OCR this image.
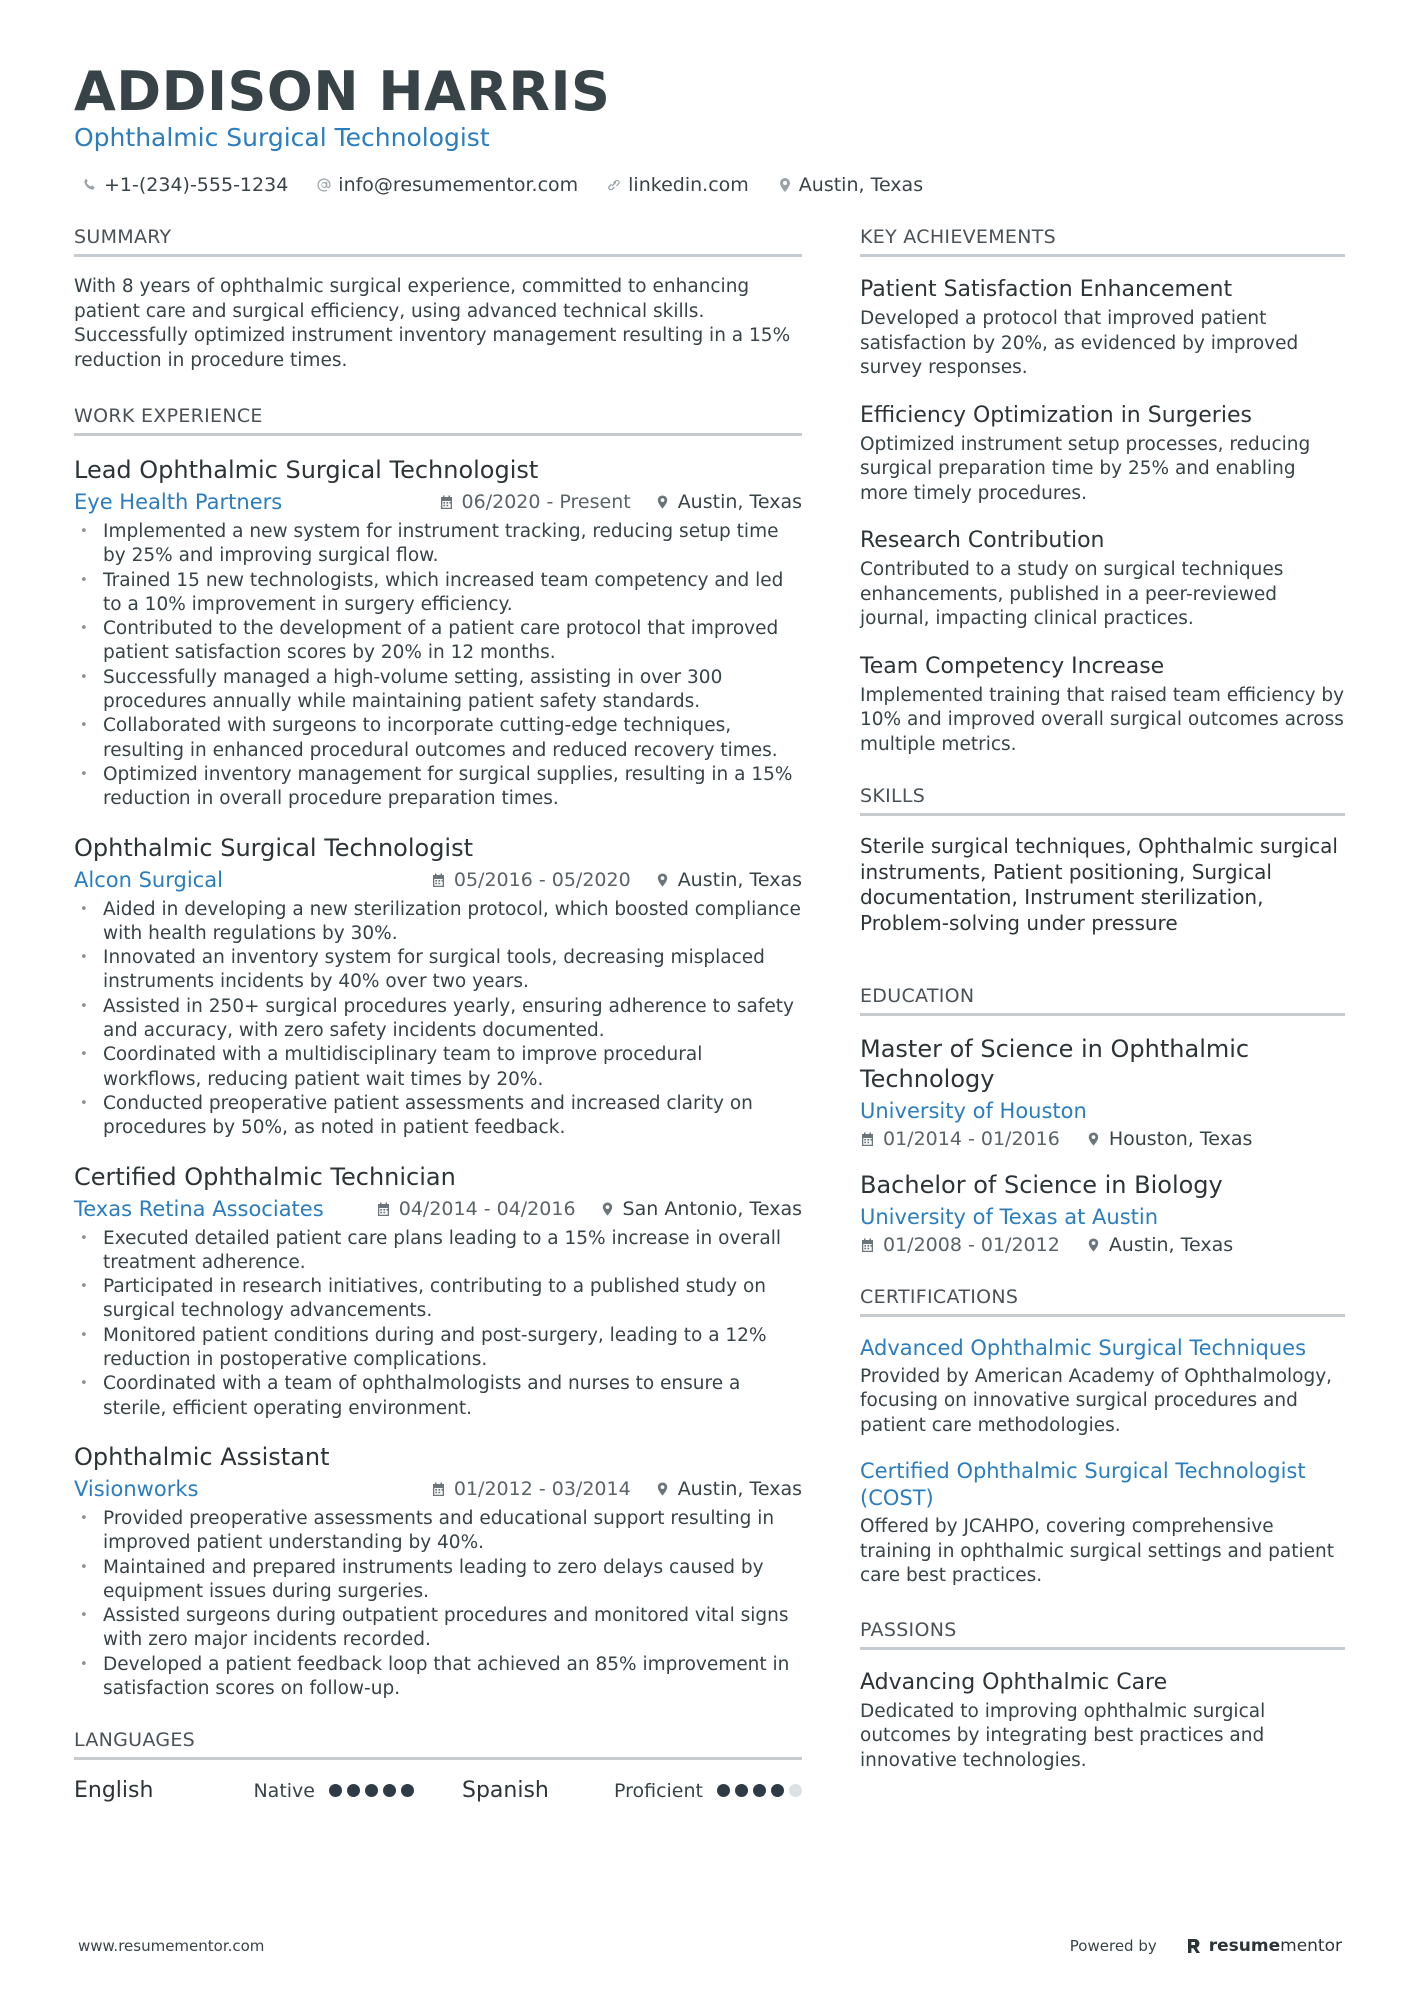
ADDISON HARRIS
Ophthalmic Surgical Technologist
+1-(234)-555-1234	info@resumementor.com	linkedin.com	Austin, Texas
SUMMARY
With 8 years of ophthalmic surgical experience, committed to enhancing patient care and surgical efficiency, using advanced technical skills. Successfully optimized instrument inventory management resulting in a 15% reduction in procedure times.
WORK EXPERIENCE
Lead Ophthalmic Surgical Technologist
Eye Health Partners	06/2020 - Present Austin, Texas
• Implemented a new system for instrument tracking, reducing setup time by 25% and improving surgical flow.
• Trained 15 new technologists, which increased team competency and led to a 10% improvement in surgery efficiency.
• Contributed to the development of a patient care protocol that improved patient satisfaction scores by 20% in 12 months.
• Successfully managed a high-volume setting, assisting in over 300 procedures annually while maintaining patient safety standards.
• Collaborated with surgeons to incorporate cutting-edge techniques, resulting in enhanced procedural outcomes and reduced recovery times.
• Optimized inventory management for surgical supplies, resulting in a 15% reduction in overall procedure preparation times.
Ophthalmic Surgical Technologist
Alcon Surgical	05/2016 - 05/2020 Austin, Texas
• Aided in developing a new sterilization protocol, which boosted compliance with health regulations by 30%.
• Innovated an inventory system for surgical tools, decreasing misplaced instruments incidents by 40% over two years.
• Assisted in 250+ surgical procedures yearly, ensuring adherence to safety and accuracy, with zero safety incidents documented.
• Coordinated with a multidisciplinary team to improve procedural workflows, reducing patient wait times by 20%.
• Conducted preoperative patient assessments and increased clarity on procedures by 50%, as noted in patient feedback.
Certified Ophthalmic Technician
Texas Retina Associates	04/2014 - 04/2016 San Antonio, Texas
• Executed detailed patient care plans leading to a 15% increase in overall treatment adherence.
• Participated in research initiatives, contributing to a published study on surgical technology advancements.
• Monitored patient conditions during and post-surgery, leading to a 12% reduction in postoperative complications.
• Coordinated with a team of ophthalmologists and nurses to ensure a sterile, efficient operating environment.
Ophthalmic Assistant
Visionworks	01/2012 - 03/2014 Austin, Texas
• Provided preoperative assessments and educational support resulting in improved patient understanding by 40%.
• Maintained and prepared instruments leading to zero delays caused by equipment issues during surgeries.
• Assisted surgeons during outpatient procedures and monitored vital signs with zero major incidents recorded.
• Developed a patient feedback loop that achieved an 85% improvement in satisfaction scores on follow-up.
LANGUAGES
English	Native	Spanish	Proficient
KEY ACHIEVEMENTS
Patient Satisfaction Enhancement
Developed a protocol that improved patient satisfaction by 20%, as evidenced by improved survey responses.
Efficiency Optimization in Surgeries
Optimized instrument setup processes, reducing surgical preparation time by 25% and enabling more timely procedures.
Research Contribution
Contributed to a study on surgical techniques enhancements, published in a peer-reviewed journal, impacting clinical practices.
Team Competency Increase
Implemented training that raised team efficiency by 10% and improved overall surgical outcomes across multiple metrics.
SKILLS
Sterile surgical techniques, Ophthalmic surgical instruments, Patient positioning, Surgical documentation, Instrument sterilization, Problem-solving under pressure
EDUCATION
Master of Science in Ophthalmic Technology
University of Houston
01/2014 - 01/2016	Houston, Texas
Bachelor of Science in Biology
University of Texas at Austin
01/2008 - 01/2012	Austin, Texas
CERTIFICATIONS
Advanced Ophthalmic Surgical Techniques
Provided by American Academy of Ophthalmology, focusing on innovative surgical procedures and patient care methodologies.
Certified Ophthalmic Surgical Technologist (COST)
Offered by JCAHPO, covering comprehensive training in ophthalmic surgical settings and patient care best practices.
PASSIONS
Advancing Ophthalmic Care
Dedicated to improving ophthalmic surgical outcomes by integrating best practices and innovative technologies.
www.resumementor.com	Powered by	resumementor
